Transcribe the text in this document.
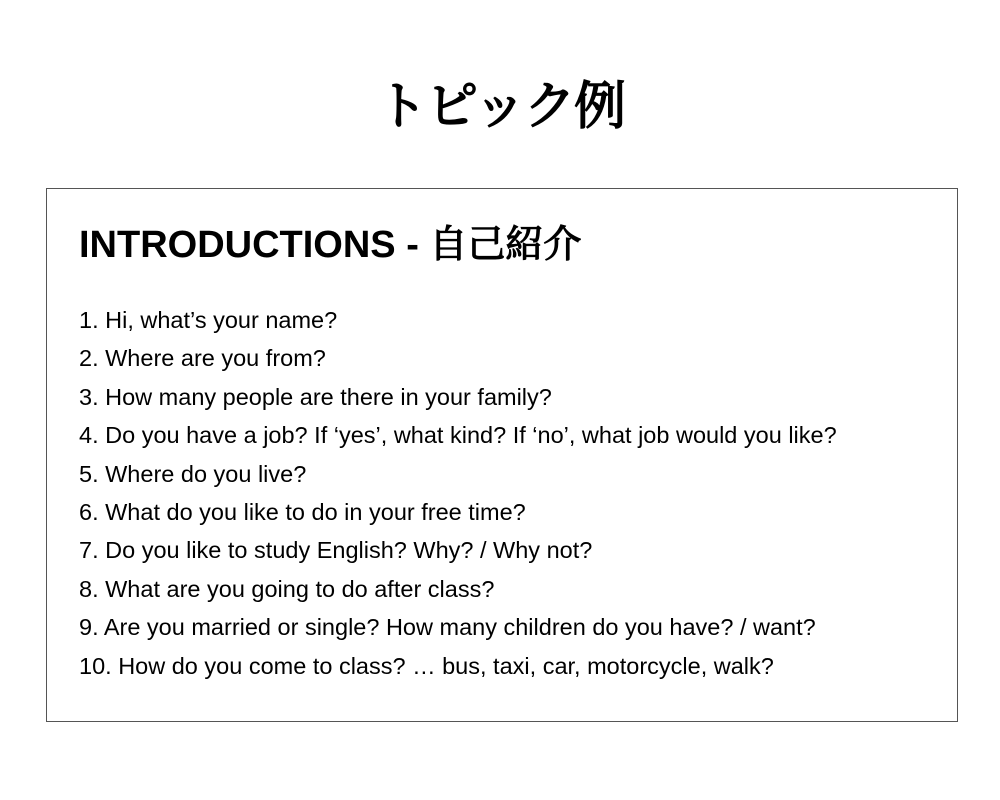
トピック例
INTRODUCTIONS - 自己紹介
1. Hi, what’s your name?
2. Where are you from?
3. How many people are there in your family?
4. Do you have a job? If ‘yes’, what kind? If ‘no’, what job would you like?
5. Where do you live?
6. What do you like to do in your free time?
7. Do you like to study English? Why? / Why not?
8. What are you going to do after class?
9. Are you married or single? How many children do you have? / want?
10. How do you come to class? … bus, taxi, car, motorcycle, walk?
